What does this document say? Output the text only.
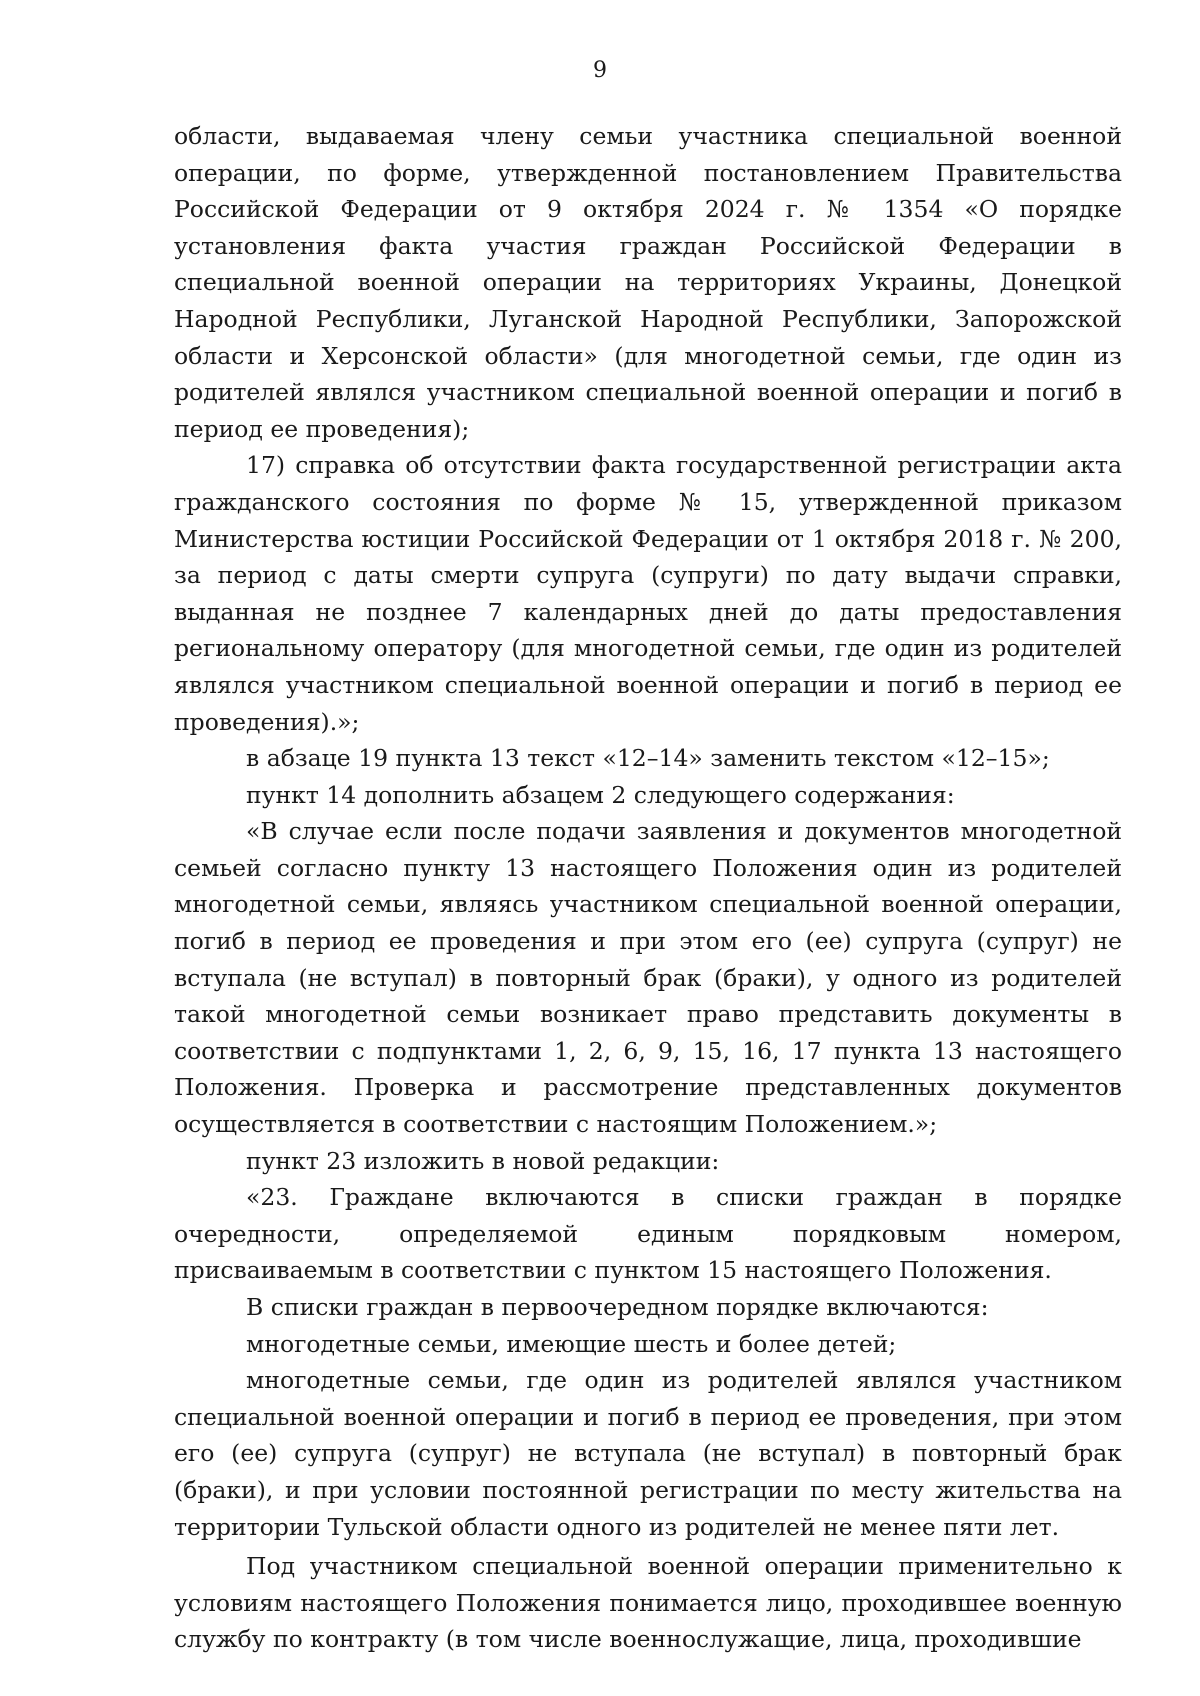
9

области, выдаваемая члену семьи участника специальной военной операции, по форме, утвержденной постановлением Правительства Российской Федерации от 9 октября 2024 г. № 1354 «О порядке установления факта участия граждан Российской Федерации в специальной военной операции на территориях Украины, Донецкой Народной Республики, Луганской Народной Республики, Запорожской области и Херсонской области» (для многодетной семьи, где один из родителей являлся участником специальной военной операции и погиб в период ее проведения);

17) справка об отсутствии факта государственной регистрации акта гражданского состояния по форме № 15, утвержденной приказом Министерства юстиции Российской Федерации от 1 октября 2018 г. № 200, за период с даты смерти супруга (супруги) по дату выдачи справки, выданная не позднее 7 календарных дней до даты предоставления региональному оператору (для многодетной семьи, где один из родителей являлся участником специальной военной операции и погиб в период ее проведения).»;

в абзаце 19 пункта 13 текст «12–14» заменить текстом «12–15»;

пункт 14 дополнить абзацем 2 следующего содержания:

«В случае если после подачи заявления и документов многодетной семьей согласно пункту 13 настоящего Положения один из родителей многодетной семьи, являясь участником специальной военной операции, погиб в период ее проведения и при этом его (ее) супруга (супруг) не вступала (не вступал) в повторный брак (браки), у одного из родителей такой многодетной семьи возникает право представить документы в соответствии с подпунктами 1, 2, 6, 9, 15, 16, 17 пункта 13 настоящего Положения. Проверка и рассмотрение представленных документов осуществляется в соответствии с настоящим Положением.»;

пункт 23 изложить в новой редакции:

«23. Граждане включаются в списки граждан в порядке очередности, определяемой единым порядковым номером, присваиваемым в соответствии с пунктом 15 настоящего Положения.

В списки граждан в первоочередном порядке включаются:

многодетные семьи, имеющие шесть и более детей;

многодетные семьи, где один из родителей являлся участником специальной военной операции и погиб в период ее проведения, при этом его (ее) супруга (супруг) не вступала (не вступал) в повторный брак (браки), и при условии постоянной регистрации по месту жительства на территории Тульской области одного из родителей не менее пяти лет.

Под участником специальной военной операции применительно к условиям настоящего Положения понимается лицо, проходившее военную службу по контракту (в том числе военнослужащие, лица, проходившие
